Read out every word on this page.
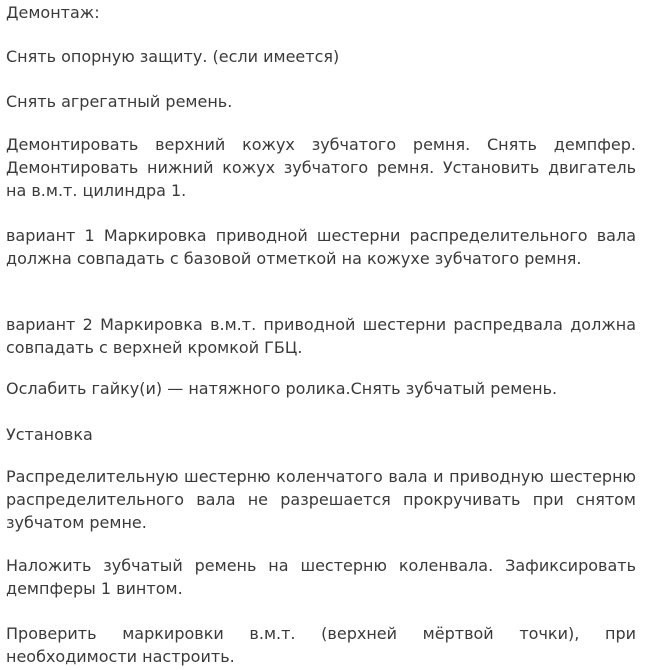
Демонтаж:

Снять опорную защиту. (если имеется)

Снять агрегатный ремень.

Демонтировать верхний кожух зубчатого ремня. Снять демпфер. Демонтировать нижний кожух зубчатого ремня. Установить двигатель на в.м.т. цилиндра 1.

вариант 1 Маркировка приводной шестерни распределительного вала должна совпадать с базовой отметкой на кожухе зубчатого ремня.

вариант 2 Маркировка в.м.т. приводной шестерни распредвала должна совпадать с верхней кромкой ГБЦ.

Ослабить гайку(и) — натяжного ролика.Снять зубчатый ремень.

Установка

Распределительную шестерню коленчатого вала и приводную шестерню распределительного вала не разрешается прокручивать при снятом зубчатом ремне.

Наложить зубчатый ремень на шестерню коленвала. Зафиксировать демпферы 1 винтом.

Проверить маркировки в.м.т. (верхней мёртвой точки), при необходимости настроить.
